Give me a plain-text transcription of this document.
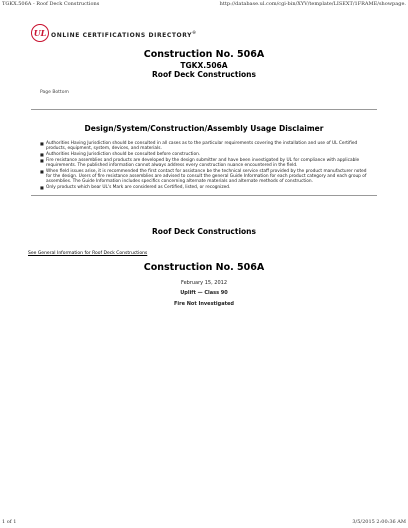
TGKX.506A - Roof Deck Constructions	http://database.ul.com/cgi-bin/XYV/template/LISEXT/1FRAME/showpage.
UL ONLINE CERTIFICATIONS DIRECTORY®
Construction No. 506A
TGKX.506A
Roof Deck Constructions
Page Bottom
Design/System/Construction/Assembly Usage Disclaimer
■ Authorities Having Jurisdiction should be consulted in all cases as to the particular requirements covering the installation and use of UL Certified products, equipment, system, devices, and materials.
■ Authorities Having Jurisdiction should be consulted before construction.
■ Fire resistance assemblies and products are developed by the design submitter and have been investigated by UL for compliance with applicable requirements. The published information cannot always address every construction nuance encountered in the field.
■ When field issues arise, it is recommended the first contact for assistance be the technical service staff provided by the product manufacturer noted for the design. Users of fire resistance assemblies are advised to consult the general Guide Information for each product category and each group of assemblies. The Guide Information includes specifics concerning alternate materials and alternate methods of construction.
■ Only products which bear UL's Mark are considered as Certified, listed, or recognized.
Roof Deck Constructions
See General Information for Roof Deck Constructions
Construction No. 506A
February 15, 2012
Uplift — Class 90
Fire Not Investigated
1 of 1	3/5/2015 2:00:36 AM
